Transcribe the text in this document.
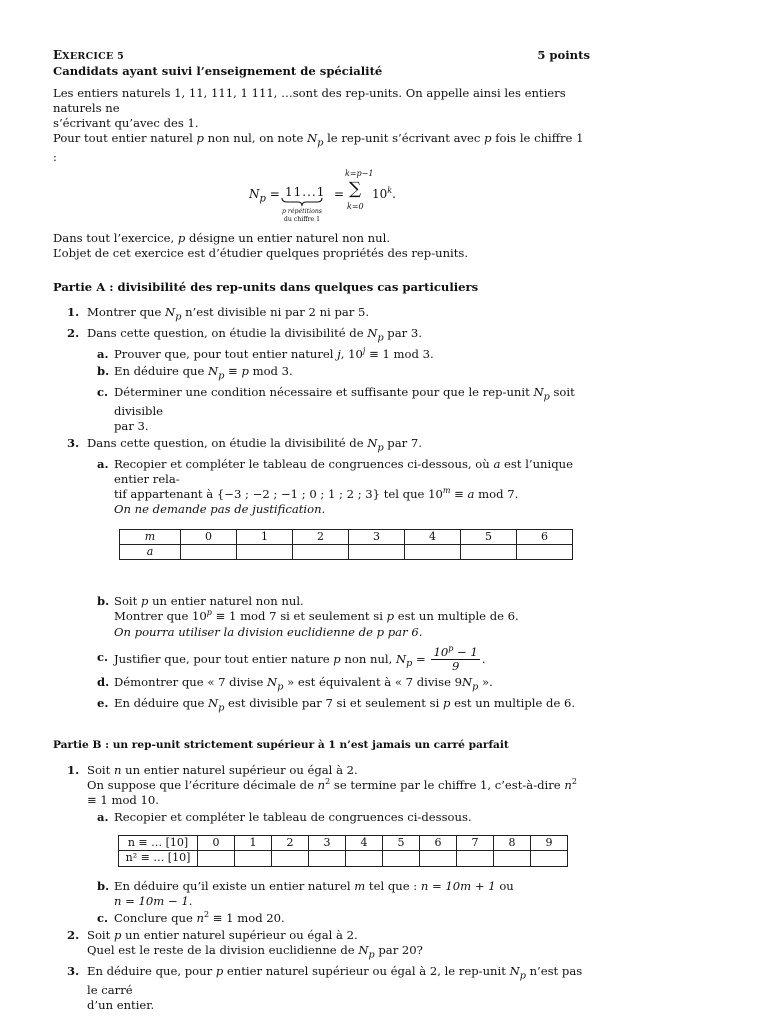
EXERCICE 5	5 points

Candidats ayant suivi l’enseignement de spécialité

Les entiers naturels 1, 11, 111, 1 111, …sont des rep-units. On appelle ainsi les entiers naturels ne

s’écrivant qu’avec des 1.

Pour tout entier naturel p non nul, on note $N_p$ le rep-unit s’écrivant avec p fois le chiffre 1 :

$N_p = 11...1$
p répétitions
du chiffre 1
=
k=p−1
∑
k=0
10$^k$.

Dans tout l’exercice, p désigne un entier naturel non nul.

L’objet de cet exercice est d’étudier quelques propriétés des rep-units.

Partie A : divisibilité des rep-units dans quelques cas particuliers

1. Montrer que $N_p$ n’est divisible ni par 2 ni par 5.
2. Dans cette question, on étudie la divisibilité de $N_p$ par 3.
a. Prouver que, pour tout entier naturel j, $10^j \equiv 1$ mod 3.
b. En déduire que $N_p \equiv p$ mod 3.
c. Déterminer une condition nécessaire et suffisante pour que le rep-unit $N_p$ soit divisible
par 3.
3. Dans cette question, on étudie la divisibilité de $N_p$ par 7.
a. Recopier et compléter le tableau de congruences ci-dessous, où a est l’unique entier rela-
tif appartenant à {−3 ; −2 ; −1 ; 0 ; 1 ; 2 ; 3} tel que $10^m \equiv a$ mod 7.
On ne demande pas de justification.
m	0	1	2	3	4	5	6
a							
b. Soit p un entier naturel non nul.
Montrer que $10^p \equiv 1$ mod 7 si et seulement si p est un multiple de 6.
On pourra utiliser la division euclidienne de p par 6.
c. Justifier que, pour tout entier nature p non nul, $N_p = \frac{10^p - 1}{9}$ .
d. Démontrer que « 7 divise $N_p$ » est équivalent à « 7 divise $9N_p$ ».
e. En déduire que $N_p$ est divisible par 7 si et seulement si p est un multiple de 6.

Partie B : un rep-unit strictement supérieur à 1 n’est jamais un carré parfait

1. Soit n un entier naturel supérieur ou égal à 2.
On suppose que l’écriture décimale de $n^2$ se termine par le chiffre 1, c’est-à-dire $n^2 \equiv 1$ mod 10.
a. Recopier et compléter le tableau de congruences ci-dessous.
n ≡ … [10]	0	1	2	3	4	5	6	7	8	9
n² ≡ … [10]										
b. En déduire qu’il existe un entier naturel m tel que : n = 10m + 1 ou
n = 10m − 1.
c. Conclure que $n^2 \equiv 1$ mod 20.
2. Soit p un entier naturel supérieur ou égal à 2.
Quel est le reste de la division euclidienne de $N_p$ par 20?
3. En déduire que, pour p entier naturel supérieur ou égal à 2, le rep-unit $N_p$ n’est pas le carré
d’un entier.
